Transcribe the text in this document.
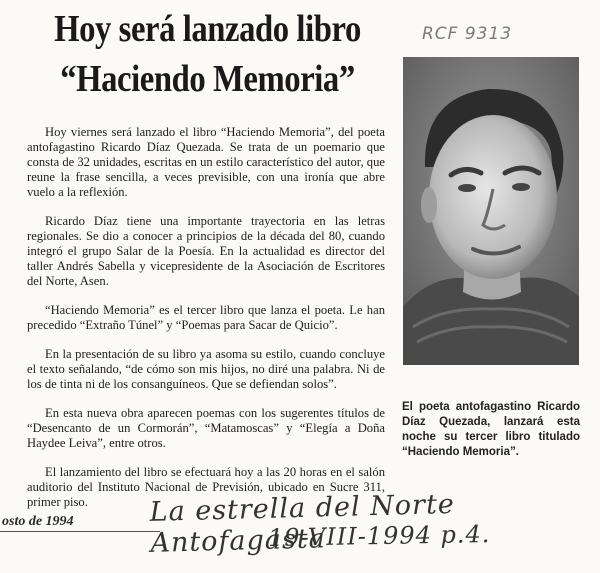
Hoy será lanzado libro
“Haciendo Memoria”
RCF 9313

Hoy viernes será lanzado el libro “Haciendo Memoria”, del poeta antofagastino Ricardo Díaz Quezada. Se trata de un poemario que consta de 32 unidades, escritas en un estilo característico del autor, que reune la frase sencilla, a veces previsible, con una ironía que abre vuelo a la reflexión.

Ricardo Díaz tiene una importante trayectoria en las letras regionales. Se dio a conocer a principios de la década del 80, cuando integró el grupo Salar de la Poesía. En la actualidad es director del taller Andrés Sabella y vicepresidente de la Asociación de Escritores del Norte, Asen.

“Haciendo Memoria” es el tercer libro que lanza el poeta. Le han precedido “Extraño Túnel” y “Poemas para Sacar de Quicio”.

En la presentación de su libro ya asoma su estilo, cuando concluye el texto señalando, “de cómo son mis hijos, no diré una palabra. Ni de los de tinta ni de los consanguíneos. Que se defiendan solos”.

En esta nueva obra aparecen poemas con los sugerentes títulos de “Desencanto de un Cormorán”, “Matamoscas” y “Elegía a Doña Haydee Leiva”, entre otros.

El lanzamiento del libro se efectuará hoy a las 20 horas en el salón auditorio del Instituto Nacional de Previsión, ubicado en Sucre 311, primer piso.

El poeta antofagastino Ricardo Díaz Quezada, lanzará esta noche su tercer libro titulado “Haciendo Memoria”.
osto de 1994	La estrella del Norte Antofagasta
19-VIII-1994 p.4.
